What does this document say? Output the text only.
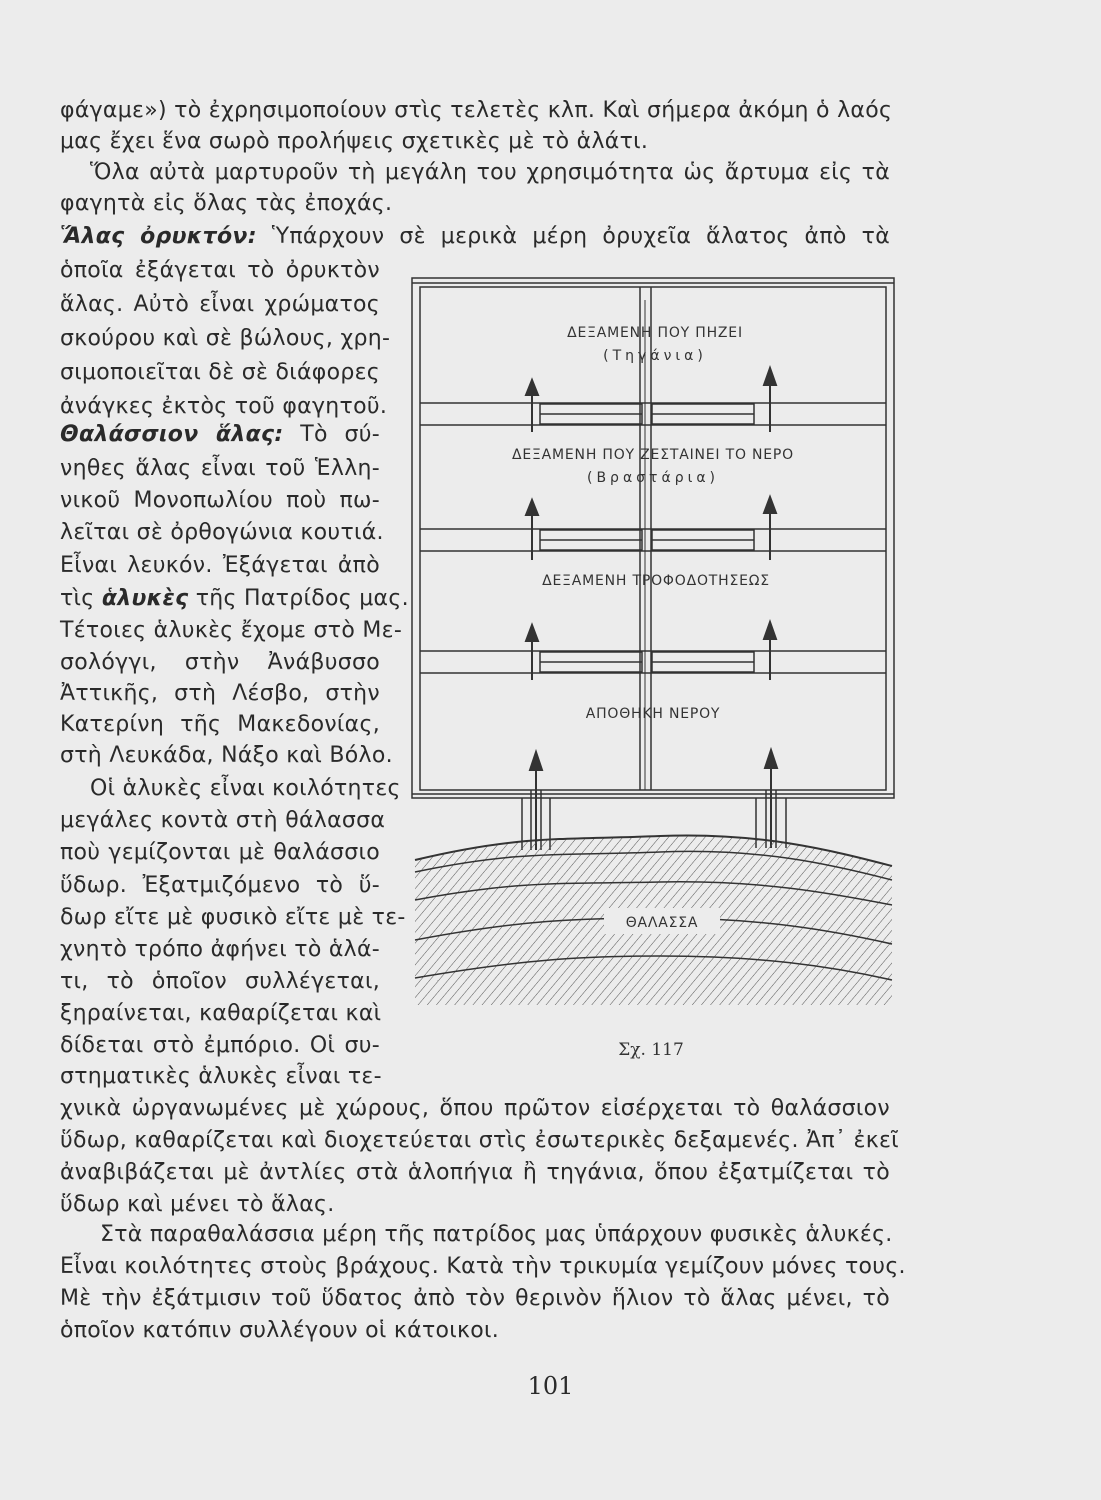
φάγαμε») τὸ ἐχρησιμοποίουν στὶς τελετὲς κλπ. Καὶ σήμερα ἀκόμη ὁ λαός
μας ἔχει ἕνα σωρὸ προλήψεις σχετικὲς μὲ τὸ ἁλάτι.
Ὅλα αὐτὰ μαρτυροῦν τὴ μεγάλη του χρησιμότητα ὡς ἄρτυμα εἰς τὰ
φαγητὰ εἰς ὅλας τὰς ἐποχάς.
Ἅλας ὀρυκτόν: Ὑπάρχουν σὲ μερικὰ μέρη ὀρυχεῖα ἅλατος ἀπὸ τὰ
ὁποῖα ἐξάγεται τὸ ὀρυκτὸν
ἅλας. Αὐτὸ εἶναι χρώματος
σκούρου καὶ σὲ βώλους, χρη-
σιμοποιεῖται δὲ σὲ διάφορες
ἀνάγκες ἐκτὸς τοῦ φαγητοῦ.
Θαλάσσιον ἅλας: Τὸ σύ-
νηθες ἅλας εἶναι τοῦ Ἑλλη-
νικοῦ Μονοπωλίου ποὺ πω-
λεῖται σὲ ὀρθογώνια κουτιά.
Εἶναι λευκόν. Ἐξάγεται ἀπὸ
τὶς ἁλυκὲς τῆς Πατρίδος μας.
Τέτοιες ἁλυκὲς ἔχομε στὸ Με-
σολόγγι, στὴν Ἀνάβυσσο
Ἀττικῆς, στὴ Λέσβο, στὴν
Κατερίνη τῆς Μακεδονίας,
στὴ Λευκάδα, Νάξο καὶ Βόλο.
Οἱ ἁλυκὲς εἶναι κοιλότητες
μεγάλες κοντὰ στὴ θάλασσα
ποὺ γεμίζονται μὲ θαλάσσιο
ὕδωρ. Ἐξατμιζόμενο τὸ ὕ-
δωρ εἴτε μὲ φυσικὸ εἴτε μὲ τε-
χνητὸ τρόπο ἀφήνει τὸ ἁλά-
τι, τὸ ὁποῖον συλλέγεται,
ξηραίνεται, καθαρίζεται καὶ
δίδεται στὸ ἐμπόριο. Οἱ συ-
στηματικὲς ἁλυκὲς εἶναι τε-
χνικὰ ὠργανωμένες μὲ χώρους, ὅπου πρῶτον εἰσέρχεται τὸ θαλάσσιον
ὕδωρ, καθαρίζεται καὶ διοχετεύεται στὶς ἐσωτερικὲς δεξαμενές. Ἀπ᾽ ἐκεῖ
ἀναβιβάζεται μὲ ἀντλίες στὰ ἁλοπήγια ἢ τηγάνια, ὅπου ἐξατμίζεται τὸ
ὕδωρ καὶ μένει τὸ ἅλας.
Στὰ παραθαλάσσια μέρη τῆς πατρίδος μας ὑπάρχουν φυσικὲς ἁλυκές.
Εἶναι κοιλότητες στοὺς βράχους. Κατὰ τὴν τρικυμία γεμίζουν μόνες τους.
Μὲ τὴν ἐξάτμισιν τοῦ ὕδατος ἀπὸ τὸν θερινὸν ἥλιον τὸ ἅλας μένει, τὸ
ὁποῖον κατόπιν συλλέγουν οἱ κάτοικοι.
ΔΕΞΑΜΕΝΗ ΠΟΥ ΠΗΖΕΙ
(Τηγάνια)
ΔΕΞΑΜΕΝΗ ΠΟΥ ΖΕΣΤΑΙΝΕΙ ΤΟ ΝΕΡΟ
(Βραστάρια)
ΔΕΞΑΜΕΝΗ ΤΡΟΦΟΔΟΤΗΣΕΩΣ
ΑΠΟΘΗΚΗ ΝΕΡΟΥ
ΘΑΛΑΣΣΑ
Σχ. 117
101
